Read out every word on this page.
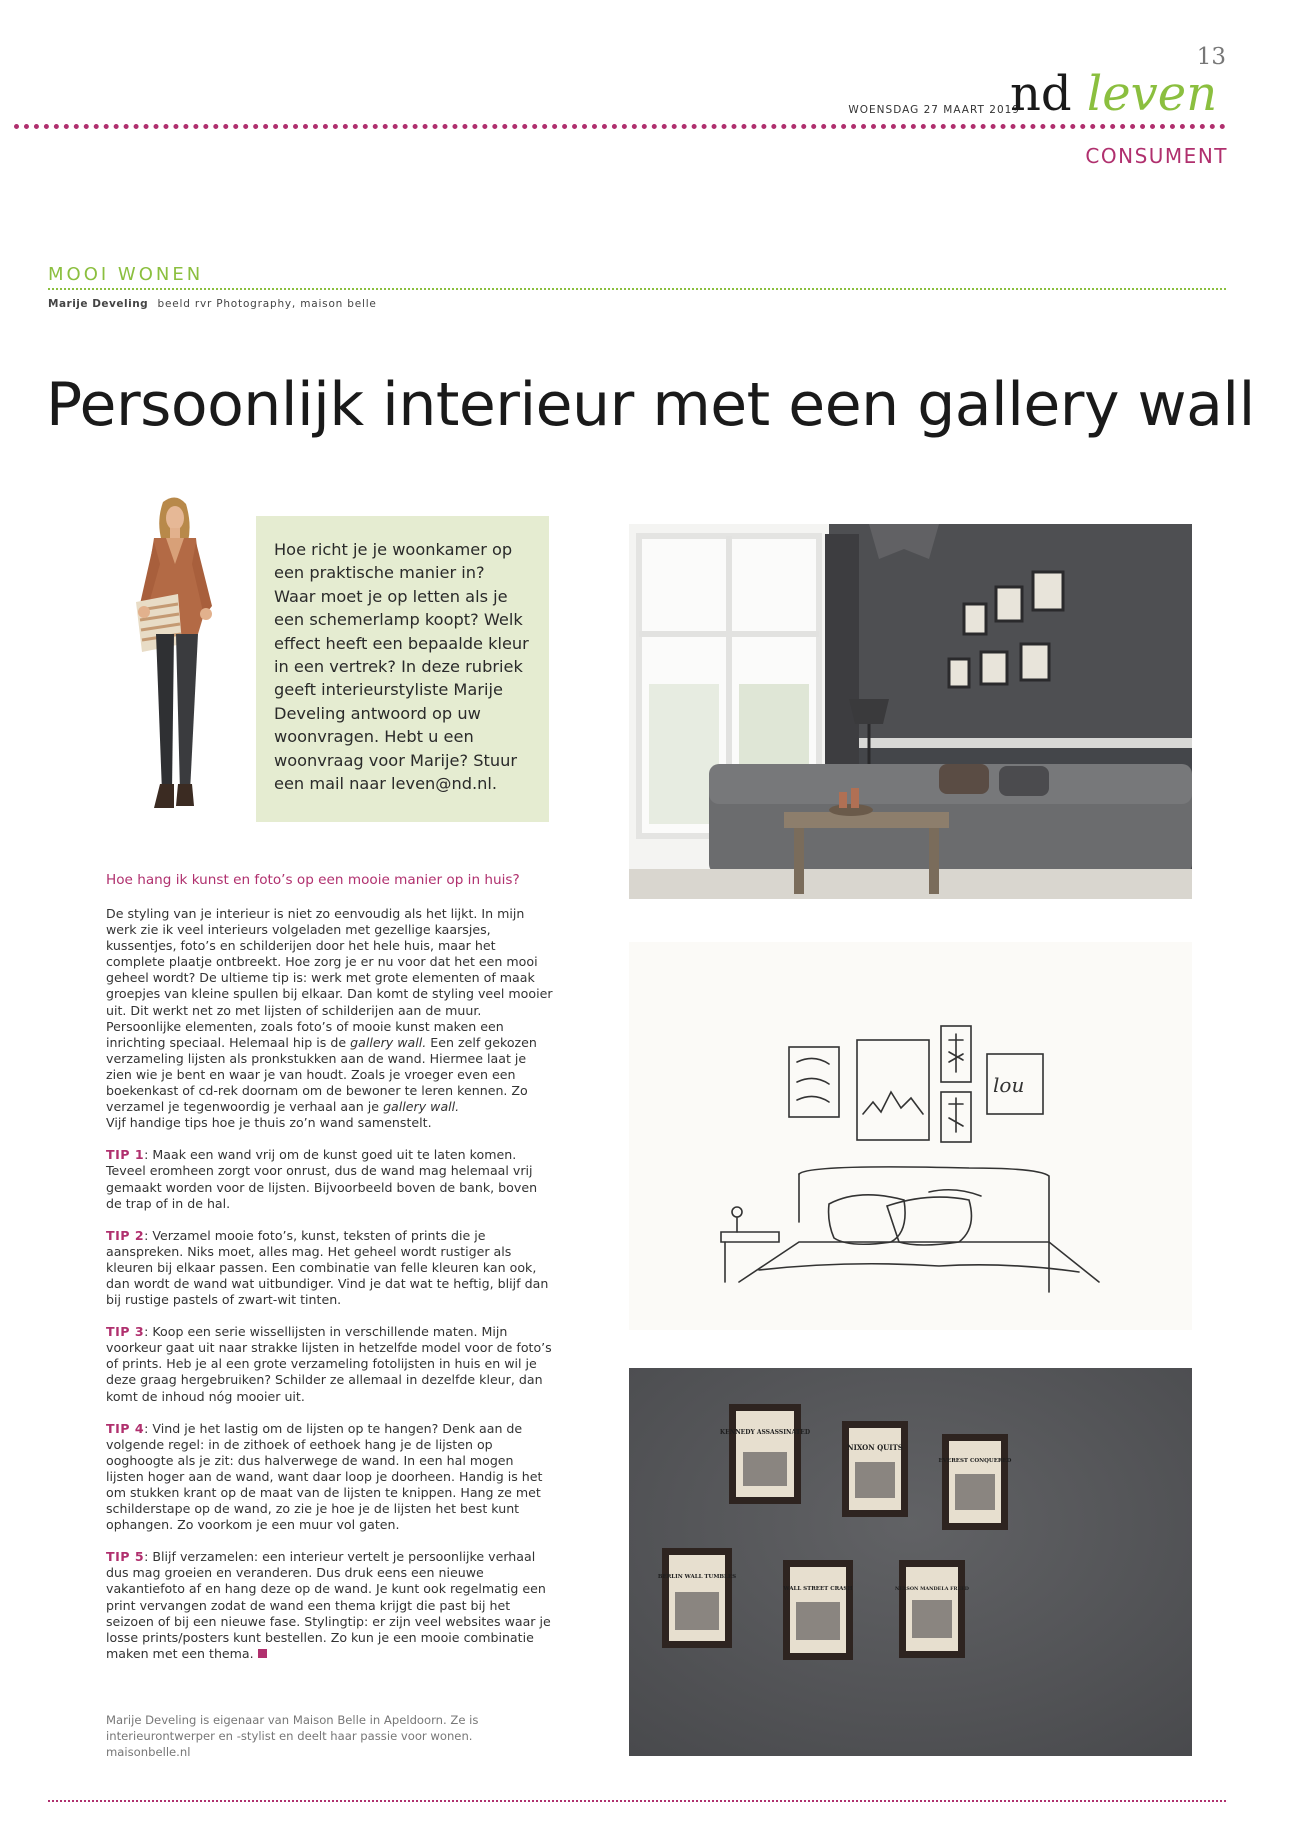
13
WOENSDAG 27 MAART 2019
nd leven
CONSUMENT
MOOI WONEN
Marije Develing beeld rvr Photography, maison belle
Persoonlijk interieur met een gallery wall

Hoe richt je je woonkamer op een praktische manier in? Waar moet je op letten als je een schemerlamp koopt? Welk effect heeft een bepaalde kleur in een vertrek? In deze rubriek geeft interieurstyliste Marije Develing antwoord op uw woonvragen. Hebt u een woonvraag voor Marije? Stuur een mail naar leven@nd.nl.

Hoe hang ik kunst en foto’s op een mooie manier op in huis?

De styling van je interieur is niet zo eenvoudig als het lijkt. In mijn werk zie ik veel interieurs volgeladen met gezellige kaarsjes, kussentjes, foto’s en schilderijen door het hele huis, maar het complete plaatje ontbreekt. Hoe zorg je er nu voor dat het een mooi geheel wordt? De ultieme tip is: werk met grote elementen of maak groepjes van kleine spullen bij elkaar. Dan komt de styling veel mooier uit. Dit werkt net zo met lijsten of schilderijen aan de muur. Persoonlijke elementen, zoals foto’s of mooie kunst maken een inrichting speciaal. Helemaal hip is de gallery wall. Een zelf gekozen verzameling lijsten als pronkstukken aan de wand. Hiermee laat je zien wie je bent en waar je van houdt. Zoals je vroeger even een boekenkast of cd-rek doornam om de bewoner te leren kennen. Zo verzamel je tegenwoordig je verhaal aan je gallery wall.
Vijf handige tips hoe je thuis zo’n wand samenstelt.

TIP 1: Maak een wand vrij om de kunst goed uit te laten komen. Teveel eromheen zorgt voor onrust, dus de wand mag helemaal vrij gemaakt worden voor de lijsten. Bijvoorbeeld boven de bank, boven de trap of in de hal.

TIP 2: Verzamel mooie foto’s, kunst, teksten of prints die je aanspreken. Niks moet, alles mag. Het geheel wordt rustiger als kleuren bij elkaar passen. Een combinatie van felle kleuren kan ook, dan wordt de wand wat uitbundiger. Vind je dat wat te heftig, blijf dan bij rustige pastels of zwart-wit tinten.

TIP 3: Koop een serie wissellijsten in verschillende maten. Mijn voorkeur gaat uit naar strakke lijsten in hetzelfde model voor de foto’s of prints. Heb je al een grote verzameling fotolijsten in huis en wil je deze graag hergebruiken? Schilder ze allemaal in dezelfde kleur, dan komt de inhoud nóg mooier uit.

TIP 4: Vind je het lastig om de lijsten op te hangen? Denk aan de volgende regel: in de zithoek of eethoek hang je de lijsten op ooghoogte als je zit: dus halverwege de wand. In een hal mogen lijsten hoger aan de wand, want daar loop je doorheen. Handig is het om stukken krant op de maat van de lijsten te knippen. Hang ze met schilderstape op de wand, zo zie je hoe je de lijsten het best kunt ophangen. Zo voorkom je een muur vol gaten.

TIP 5: Blijf verzamelen: een interieur vertelt je persoonlijke verhaal dus mag groeien en veranderen. Dus druk eens een nieuwe vakantiefoto af en hang deze op de wand. Je kunt ook regelmatig een print vervangen zodat de wand een thema krijgt die past bij het seizoen of bij een nieuwe fase. Stylingtip: er zijn veel websites waar je losse prints/posters kunt bestellen. Zo kun je een mooie combinatie maken met een thema.

Marije Develing is eigenaar van Maison Belle in Apeldoorn. Ze is interieurontwerper en -stylist en deelt haar passie voor wonen. maisonbelle.nl
lou
KENNEDY ASSASSINATED
NIXON QUITS
EVEREST CONQUERED
BERLIN WALL TUMBLES
WALL STREET CRASH	NELSON MANDELA FREED
